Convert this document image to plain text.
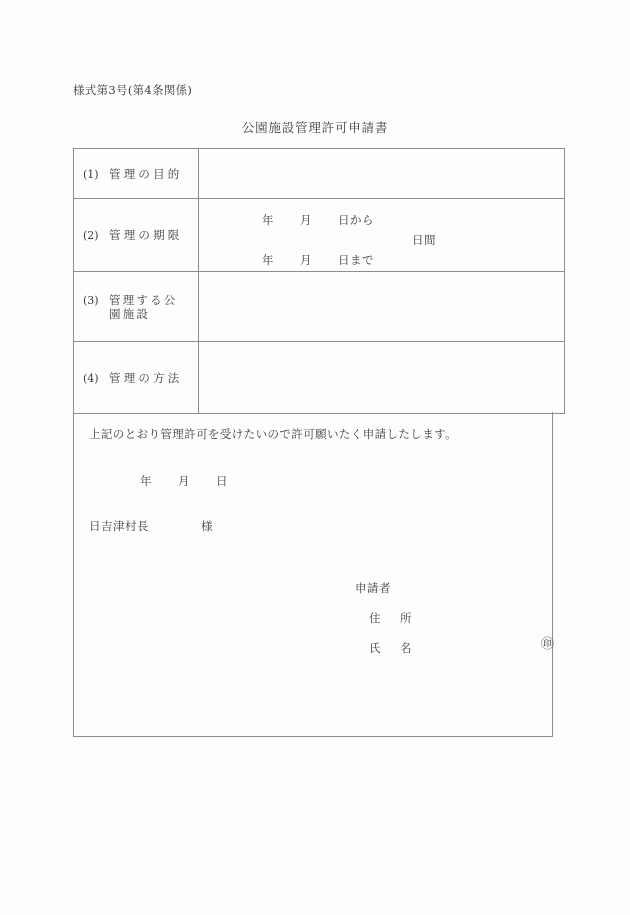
様式第3号(第4条関係)
公園施設管理許可申請書
(1) 管理の目的	
(2) 管理の期限	年 月 日から
日間
年 月 日まで

(3) 管理する公
園施設	
(4) 管理の方法	
上記のとおり管理許可を受けたいので許可願いたく申請したします。
年 月 日
日吉津村長	様
申請者
住　所
氏　名	㊞
